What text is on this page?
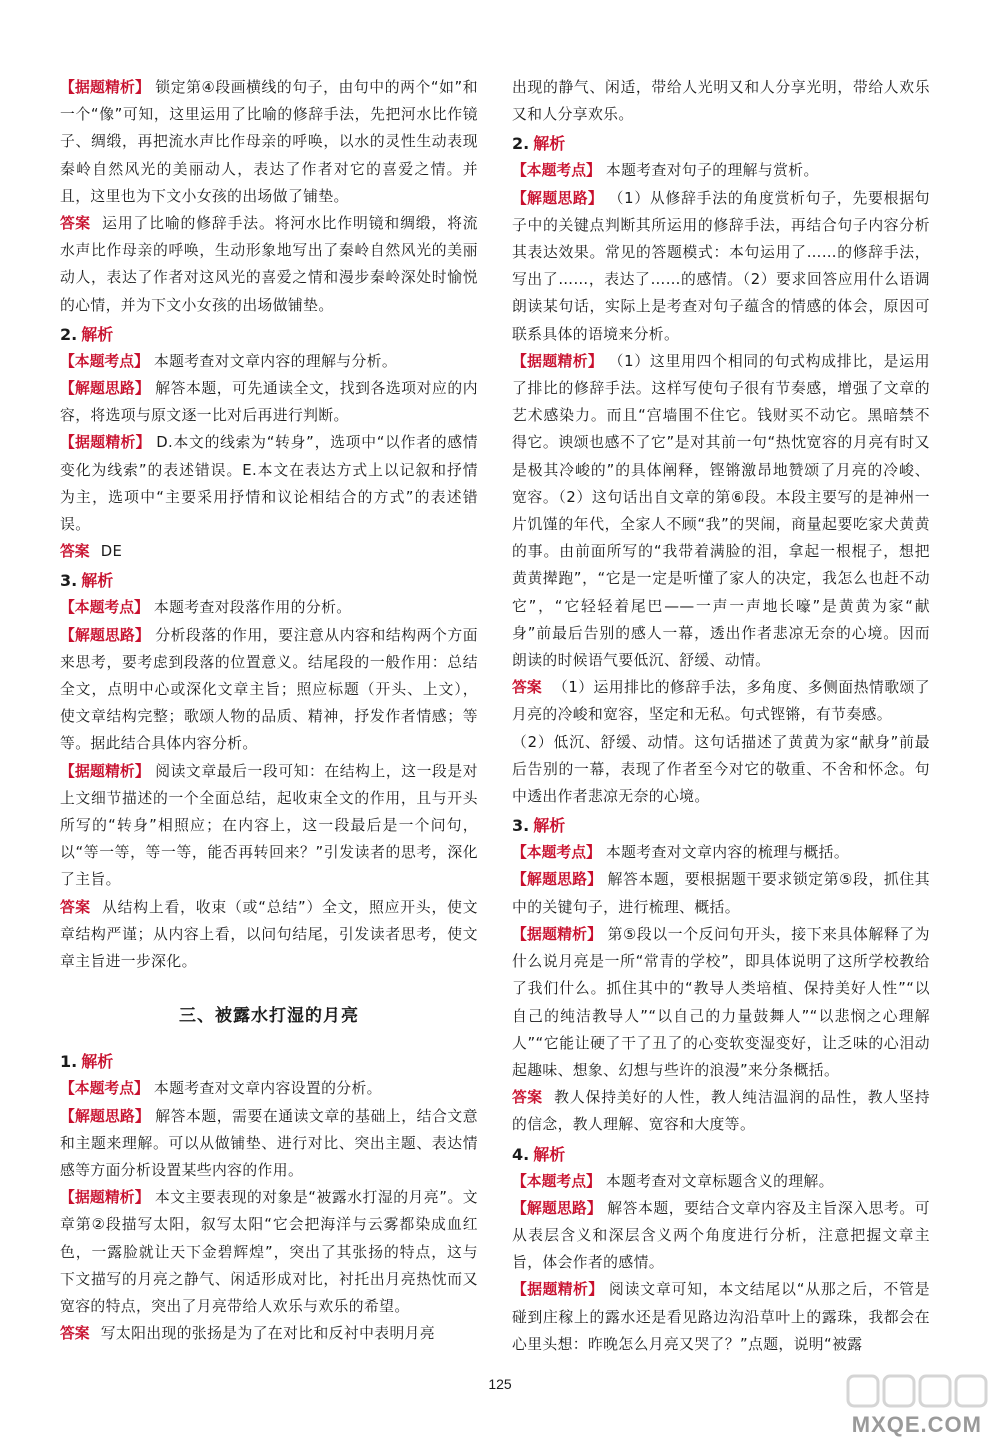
【据题精析】 锁定第④段画横线的句子，由句中的两个“如”和一个“像”可知，这里运用了比喻的修辞手法，先把河水比作镜子、绸缎，再把流水声比作母亲的呼唤，以水的灵性生动表现秦岭自然风光的美丽动人，表达了作者对它的喜爱之情。并且，这里也为下文小女孩的出场做了铺垫。

答案 运用了比喻的修辞手法。将河水比作明镜和绸缎，将流水声比作母亲的呼唤，生动形象地写出了秦岭自然风光的美丽动人，表达了作者对这风光的喜爱之情和漫步秦岭深处时愉悦的心情，并为下文小女孩的出场做铺垫。

2. 解析

【本题考点】 本题考查对文章内容的理解与分析。

【解题思路】 解答本题，可先通读全文，找到各选项对应的内容，将选项与原文逐一比对后再进行判断。

【据题精析】 D.本文的线索为“转身”，选项中“以作者的感情变化为线索”的表述错误。E.本文在表达方式上以记叙和抒情为主，选项中“主要采用抒情和议论相结合的方式”的表述错误。

答案 DE

3. 解析

【本题考点】 本题考查对段落作用的分析。

【解题思路】 分析段落的作用，要注意从内容和结构两个方面来思考，要考虑到段落的位置意义。结尾段的一般作用：总结全文，点明中心或深化文章主旨；照应标题（开头、上文），使文章结构完整；歌颂人物的品质、精神，抒发作者情感；等等。据此结合具体内容分析。

【据题精析】 阅读文章最后一段可知：在结构上，这一段是对上文细节描述的一个全面总结，起收束全文的作用，且与开头所写的“转身”相照应；在内容上，这一段最后是一个问句，以“等一等，等一等，能否再转回来？”引发读者的思考，深化了主旨。

答案 从结构上看，收束（或“总结”）全文，照应开头，使文章结构严谨；从内容上看，以问句结尾，引发读者思考，使文章主旨进一步深化。

三、被露水打湿的月亮
1. 解析

【本题考点】 本题考查对文章内容设置的分析。

【解题思路】 解答本题，需要在通读文章的基础上，结合文意和主题来理解。可以从做铺垫、进行对比、突出主题、表达情感等方面分析设置某些内容的作用。

【据题精析】 本文主要表现的对象是“被露水打湿的月亮”。文章第②段描写太阳，叙写太阳“它会把海洋与云雾都染成血红色，一露脸就让天下金碧辉煌”，突出了其张扬的特点，这与下文描写的月亮之静气、闲适形成对比，衬托出月亮热忱而又宽容的特点，突出了月亮带给人欢乐与欢乐的希望。

答案 写太阳出现的张扬是为了在对比和反衬中表明月亮

出现的静气、闲适，带给人光明又和人分享光明，带给人欢乐又和人分享欢乐。

2. 解析

【本题考点】 本题考查对句子的理解与赏析。

【解题思路】 （1）从修辞手法的角度赏析句子，先要根据句子中的关键点判断其所运用的修辞手法，再结合句子内容分析其表达效果。常见的答题模式：本句运用了……的修辞手法，写出了……，表达了……的感情。（2）要求回答应用什么语调朗读某句话，实际上是考查对句子蕴含的情感的体会，原因可联系具体的语境来分析。

【据题精析】 （1）这里用四个相同的句式构成排比，是运用了排比的修辞手法。这样写使句子很有节奏感，增强了文章的艺术感染力。而且“宫墙围不住它。钱财买不动它。黑暗禁不得它。谀颂也感不了它”是对其前一句“热忱宽容的月亮有时又是极其冷峻的”的具体阐释，铿锵激昂地赞颂了月亮的冷峻、宽容。（2）这句话出自文章的第⑥段。本段主要写的是神州一片饥馑的年代，全家人不顾“我”的哭闹，商量起要吃家犬黄黄的事。由前面所写的“我带着满脸的泪，拿起一根棍子，想把黄黄撵跑”，“它是一定是听懂了家人的决定，我怎么也赶不动它”，“它轻轻着尾巴——一声一声地长嚎”是黄黄为家“献身”前最后告别的感人一幕，透出作者悲凉无奈的心境。因而朗读的时候语气要低沉、舒缓、动情。

答案 （1）运用排比的修辞手法，多角度、多侧面热情歌颂了月亮的冷峻和宽容，坚定和无私。句式铿锵，有节奏感。

（2）低沉、舒缓、动情。这句话描述了黄黄为家“献身”前最后告别的一幕，表现了作者至今对它的敬重、不舍和怀念。句中透出作者悲凉无奈的心境。

3. 解析

【本题考点】 本题考查对文章内容的梳理与概括。

【解题思路】 解答本题，要根据题干要求锁定第⑤段，抓住其中的关键句子，进行梳理、概括。

【据题精析】 第⑤段以一个反问句开头，接下来具体解释了为什么说月亮是一所“常青的学校”，即具体说明了这所学校教给了我们什么。抓住其中的“教导人类培植、保持美好人性”“以自己的纯洁教导人”“以自己的力量鼓舞人”“以悲悯之心理解人”“它能让硬了干了丑了的心变软变湿变好，让乏味的心泪动起趣味、想象、幻想与些许的浪漫”来分条概括。

答案 教人保持美好的人性，教人纯洁温润的品性，教人坚持的信念，教人理解、宽容和大度等。

4. 解析

【本题考点】 本题考查对文章标题含义的理解。

【解题思路】 解答本题，要结合文章内容及主旨深入思考。可从表层含义和深层含义两个角度进行分析，注意把握文章主旨，体会作者的感情。

【据题精析】 阅读文章可知，本文结尾以“从那之后，不管是碰到庄稼上的露水还是看见路边沟沿草叶上的露珠，我都会在心里头想：昨晚怎么月亮又哭了？”点题，说明“被露

125
MXQE.COM
